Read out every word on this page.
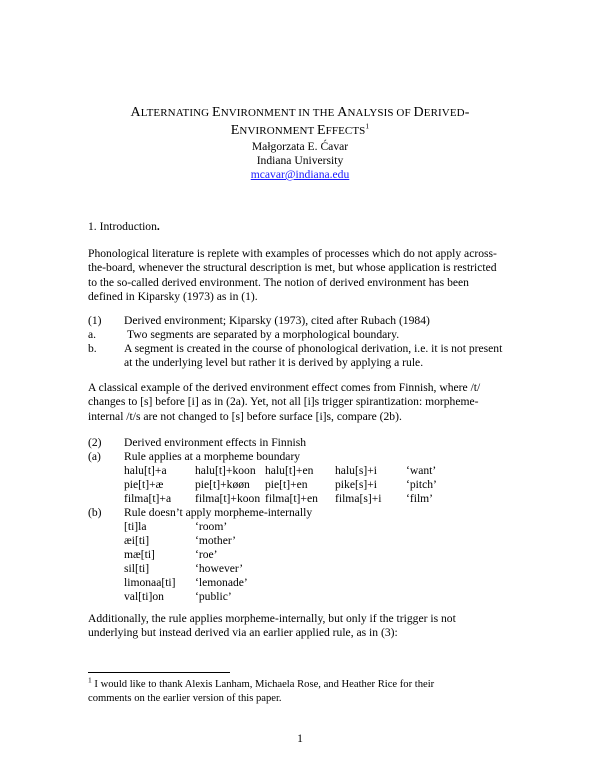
ALTERNATING ENVIRONMENT IN THE ANALYSIS OF DERIVED-
ENVIRONMENT EFFECTS$^1$
Małgorzata E. Ćavar
Indiana University
mcavar@indiana.edu
1. Introduction.

Phonological literature is replete with examples of processes which do not apply across-

the-board, whenever the structural description is met, but whose application is restricted

to the so-called derived environment. The notion of derived environment has been

defined in Kiparsky (1973) as in (1).

(1) Derived environment; Kiparsky (1973), cited after Rubach (1984)
a.	Two segments are separated by a morphological boundary.
b. A segment is created in the course of phonological derivation, i.e. it is not present
at the underlying level but rather it is derived by applying a rule.

A classical example of the derived environment effect comes from Finnish, where /t/

changes to [s] before [i] as in (2a). Yet, not all [i]s trigger spirantization: morpheme-

internal /t/s are not changed to [s] before surface [i]s, compare (2b).

(2) Derived environment effects in Finnish
(a) Rule applies at a morpheme boundary
halu[t]+a halu[t]+koon halu[t]+en halu[s]+i	‘want’
pie[t]+æ	pie[t]+køøn pie[t]+en pike[s]+i	‘pitch’
filma[t]+a filma[t]+koon filma[t]+en filma[s]+i ‘film’
(b) Rule doesn’t apply morpheme-internally
[ti]la	‘room’
æi[ti]	‘mother’
mæ[ti]	‘roe’
sil[ti]	‘however’
limonaa[ti] ‘lemonade’
val[ti]on	‘public’

Additionally, the rule applies morpheme-internally, but only if the trigger is not

underlying but instead derived via an earlier applied rule, as in (3):

$^1$ I would like to thank Alexis Lanham, Michaela Rose, and Heather Rice for their
comments on the earlier version of this paper.
1
